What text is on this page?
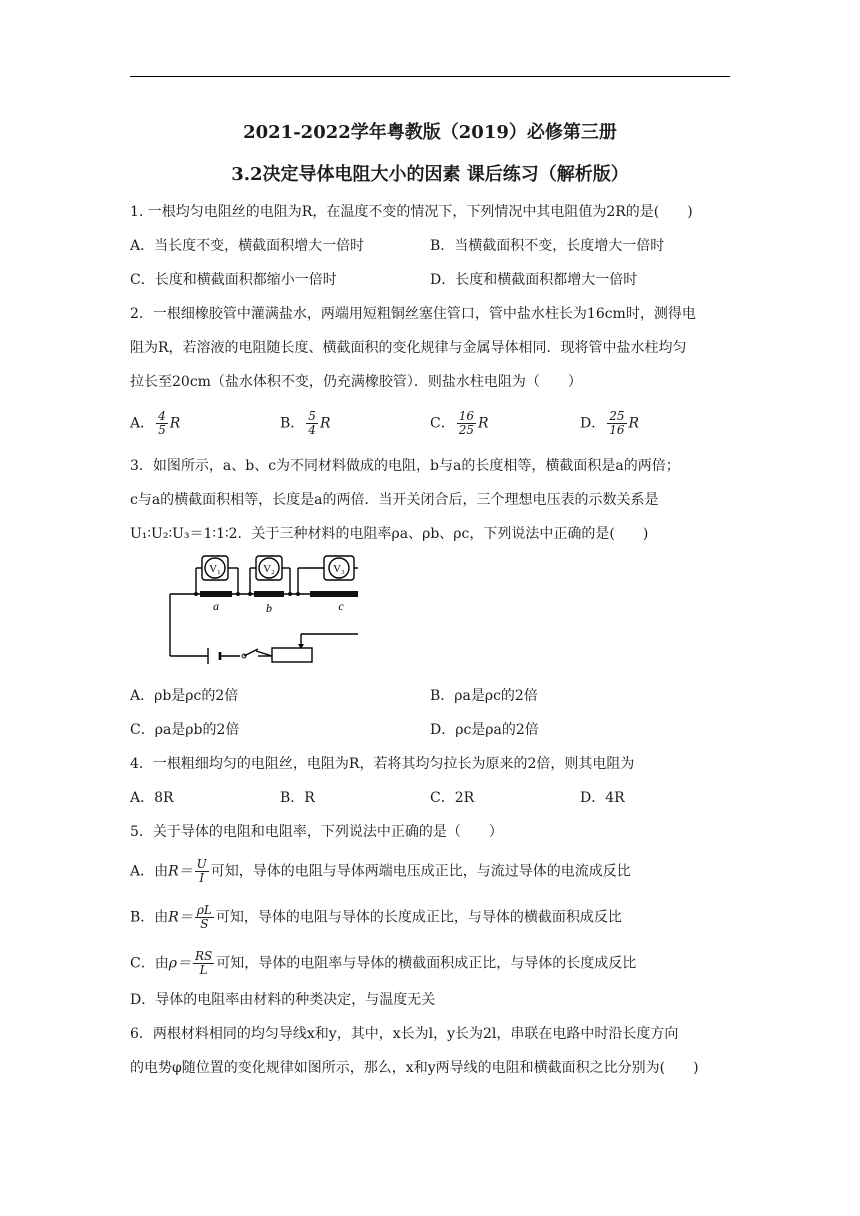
2021-2022学年粤教版（2019）必修第三册
3.2决定导体电阻大小的因素 课后练习（解析版）
1. 一根均匀电阻丝的电阻为R，在温度不变的情况下，下列情况中其电阻值为2R的是(　　)
A．当长度不变，横截面积增大一倍时	B．当横截面积不变，长度增大一倍时
C．长度和横截面积都缩小一倍时	D．长度和横截面积都增大一倍时
2．一根细橡胶管中灌满盐水，两端用短粗铜丝塞住管口，管中盐水柱长为16cm时，测得电
阻为R，若溶液的电阻随长度、横截面积的变化规律与金属导体相同．现将管中盐水柱均匀
拉长至20cm（盐水体积不变，仍充满橡胶管）．则盐水柱电阻为（　　）
A． $\frac{4}{5}$ R	B． $\frac{5}{4}$ R	C． $\frac{16}{25}$ R	D． $\frac{25}{16}$ R
3．如图所示，a、b、c为不同材料做成的电阻，b与a的长度相等，横截面积是a的两倍；
c与a的横截面积相等，长度是a的两倍．当开关闭合后，三个理想电压表的示数关系是
U₁∶U₂∶U₃＝1∶1∶2．关于三种材料的电阻率ρa、ρb、ρc，下列说法中正确的是(　　)
V₁	V₂	V₃
a	b	c
A．ρb是ρc的2倍	B．ρa是ρc的2倍
C．ρa是ρb的2倍	D．ρc是ρa的2倍
4．一根粗细均匀的电阻丝，电阻为R，若将其均匀拉长为原来的2倍，则其电阻为
A．8R	B．R	C．2R	D．4R
5．关于导体的电阻和电阻率，下列说法中正确的是（　　）
A．由$R= \frac{U}{I}$ 可知，导体的电阻与导体两端电压成正比，与流过导体的电流成反比
B．由$R= \frac{\rho L}{S}$ 可知，导体的电阻与导体的长度成正比，与导体的横截面积成反比
C．由$\rho= \frac{RS}{L}$ 可知，导体的电阻率与导体的横截面积成正比，与导体的长度成反比
D．导体的电阻率由材料的种类决定，与温度无关
6．两根材料相同的均匀导线x和y，其中，x长为l，y长为2l，串联在电路中时沿长度方向
的电势φ随位置的变化规律如图所示，那么，x和y两导线的电阻和横截面积之比分别为(　　)
